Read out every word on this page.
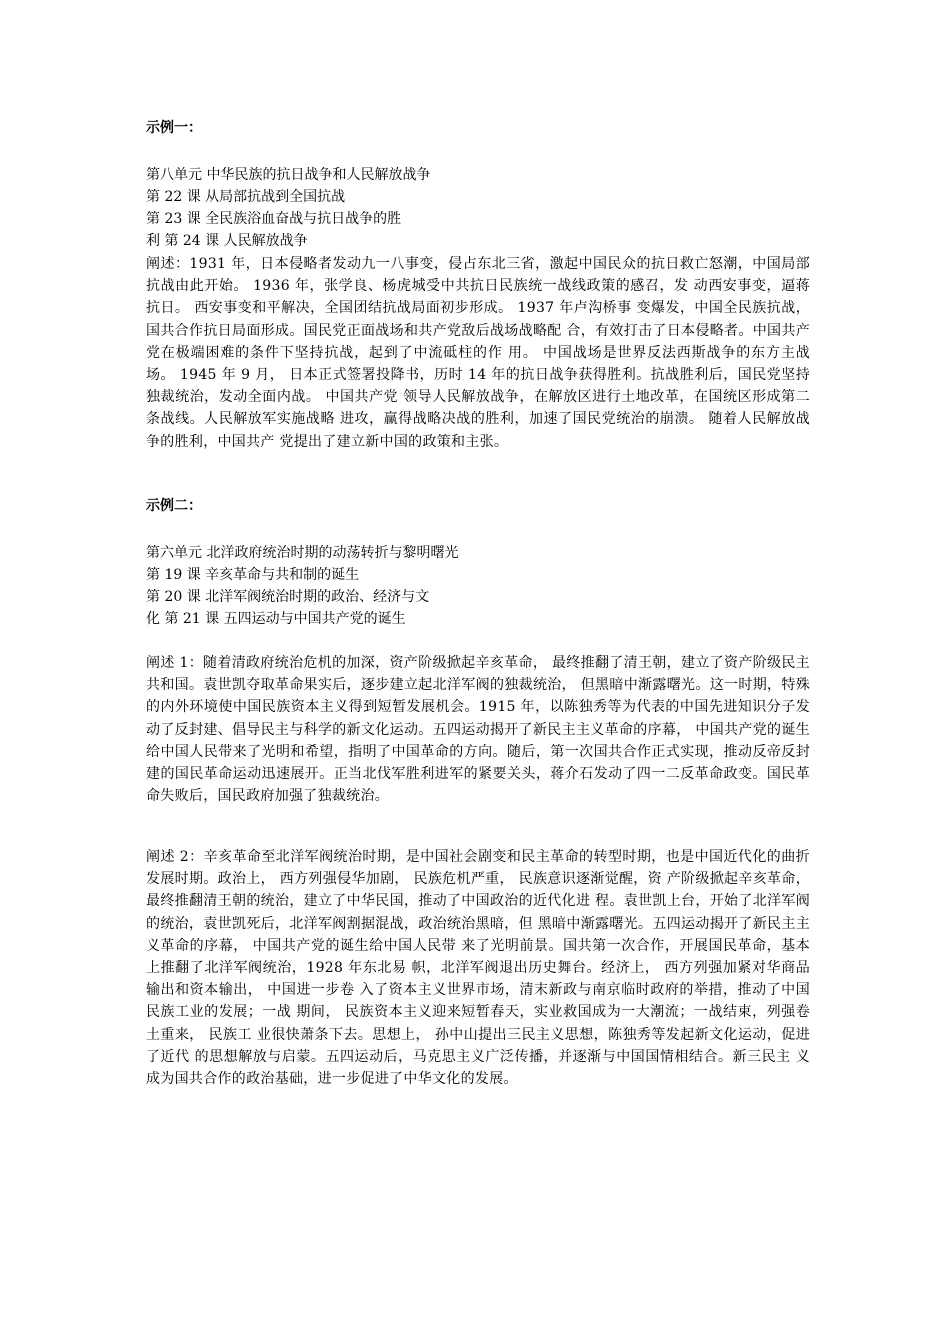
示例一：
第八单元 中华民族的抗日战争和人民解放战争
第 22 课 从局部抗战到全国抗战
第 23 课 全民族浴血奋战与抗日战争的胜
利 第 24 课 人民解放战争
阐述：1931 年，日本侵略者发动九一八事变，侵占东北三省，激起中国民众的抗日救亡怒潮，中国局部抗战由此开始。 1936 年，张学良、杨虎城受中共抗日民族统一战线政策的感召，发 动西安事变，逼蒋抗日。 西安事变和平解决，全国团结抗战局面初步形成。 1937 年卢沟桥事 变爆发，中国全民族抗战，国共合作抗日局面形成。国民党正面战场和共产党敌后战场战略配 合，有效打击了日本侵略者。中国共产党在极端困难的条件下坚持抗战，起到了中流砥柱的作 用。 中国战场是世界反法西斯战争的东方主战场。 1945 年 9 月， 日本正式签署投降书，历时 14 年的抗日战争获得胜利。抗战胜利后，国民党坚持独裁统治，发动全面内战。 中国共产党 领导人民解放战争，在解放区进行土地改革，在国统区形成第二条战线。人民解放军实施战略 进攻，赢得战略决战的胜利，加速了国民党统治的崩溃。 随着人民解放战争的胜利，中国共产 党提出了建立新中国的政策和主张。
示例二：
第六单元 北洋政府统治时期的动荡转折与黎明曙光
第 19 课 辛亥革命与共和制的诞生
第 20 课 北洋军阀统治时期的政治、经济与文
化 第 21 课 五四运动与中国共产党的诞生
阐述 1：随着清政府统治危机的加深，资产阶级掀起辛亥革命， 最终推翻了清王朝，建立了资产阶级民主共和国。袁世凯夺取革命果实后，逐步建立起北洋军阀的独裁统治， 但黑暗中渐露曙光。这一时期，特殊的内外环境使中国民族资本主义得到短暂发展机会。1915 年，以陈独秀等为代表的中国先进知识分子发动了反封建、倡导民主与科学的新文化运动。五四运动揭开了新民主主义革命的序幕， 中国共产党的诞生给中国人民带来了光明和希望，指明了中国革命的方向。随后，第一次国共合作正式实现，推动反帝反封建的国民革命运动迅速展开。正当北伐军胜利进军的紧要关头，蒋介石发动了四一二反革命政变。国民革命失败后，国民政府加强了独裁统治。
阐述 2：辛亥革命至北洋军阀统治时期，是中国社会剧变和民主革命的转型时期，也是中国近代化的曲折发展时期。政治上， 西方列强侵华加剧， 民族危机严重， 民族意识逐渐觉醒，资 产阶级掀起辛亥革命，最终推翻清王朝的统治，建立了中华民国，推动了中国政治的近代化进 程。袁世凯上台，开始了北洋军阀的统治，袁世凯死后，北洋军阀割据混战，政治统治黑暗，但 黑暗中渐露曙光。五四运动揭开了新民主主义革命的序幕， 中国共产党的诞生给中国人民带 来了光明前景。国共第一次合作，开展国民革命，基本上推翻了北洋军阀统治，1928 年东北易 帜，北洋军阀退出历史舞台。经济上， 西方列强加紧对华商品输出和资本输出， 中国进一步卷 入了资本主义世界市场，清末新政与南京临时政府的举措，推动了中国民族工业的发展；一战 期间， 民族资本主义迎来短暂春天，实业救国成为一大潮流；一战结束，列强卷土重来， 民族工 业很快萧条下去。思想上， 孙中山提出三民主义思想，陈独秀等发起新文化运动，促进了近代 的思想解放与启蒙。五四运动后，马克思主义广泛传播，并逐渐与中国国情相结合。新三民主 义成为国共合作的政治基础，进一步促进了中华文化的发展。
